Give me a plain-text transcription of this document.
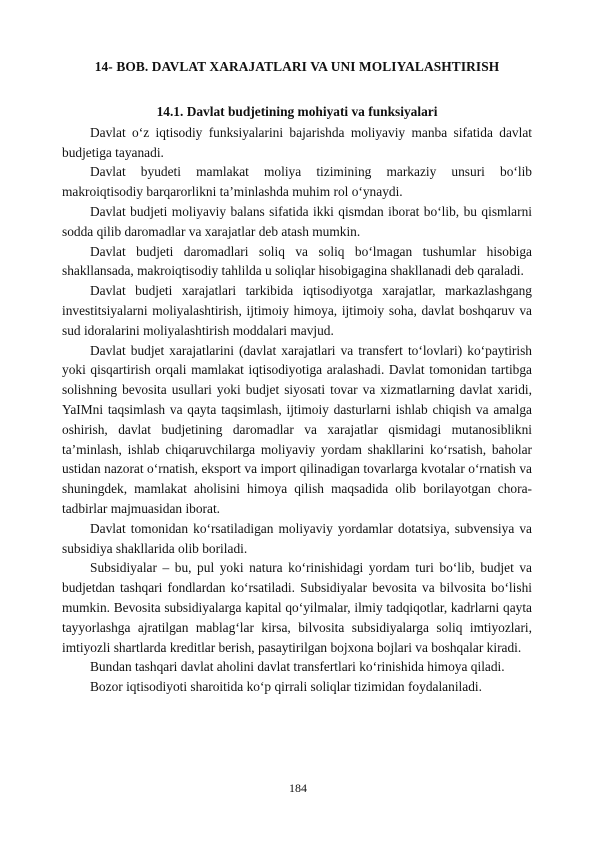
14- BOB. DAVLAT XARAJATLARI VA UNI MOLIYALASHTIRISH
14.1. Davlat budjetining mohiyati va funksiyalari

Davlat o‘z iqtisodiy funksiyalarini bajarishda moliyaviy manba sifatida davlat budjetiga tayanadi.

Davlat byudeti mamlakat moliya tizimining markaziy unsuri bo‘lib makroiqtisodiy barqarorlikni ta’minlashda muhim rol o‘ynaydi.

Davlat budjeti moliyaviy balans sifatida ikki qismdan iborat bo‘lib, bu qismlarni sodda qilib daromadlar va xarajatlar deb atash mumkin.

Davlat budjeti daromadlari soliq va soliq bo‘lmagan tushumlar hisobiga shakllansada, makroiqtisodiy tahlilda u soliqlar hisobigagina shakllanadi deb qaraladi.

Davlat budjeti xarajatlari tarkibida iqtisodiyotga xarajatlar, markazlashgang investitsiyalarni moliyalashtirish, ijtimoiy himoya, ijtimoiy soha, davlat boshqaruv va sud idoralarini moliyalashtirish moddalari mavjud.

Davlat budjet xarajatlarini (davlat xarajatlari va transfert to‘lovlari) ko‘paytirish yoki qisqartirish orqali mamlakat iqtisodiyotiga aralashadi. Davlat tomonidan tartibga solishning bevosita usullari yoki budjet siyosati tovar va xizmatlarning davlat xaridi, YaIMni taqsimlash va qayta taqsimlash, ijtimoiy dasturlarni ishlab chiqish va amalga oshirish, davlat budjetining daromadlar va xarajatlar qismidagi mutanosiblikni ta’minlash, ishlab chiqaruvchilarga moliyaviy yordam shakllarini ko‘rsatish, baholar ustidan nazorat o‘rnatish, eksport va import qilinadigan tovarlarga kvotalar o‘rnatish va shuningdek, mamlakat aholisini himoya qilish maqsadida olib borilayotgan chora-tadbirlar majmuasidan iborat.

Davlat tomonidan ko‘rsatiladigan moliyaviy yordamlar dotatsiya, subvensiya va subsidiya shakllarida olib boriladi.

Subsidiyalar – bu, pul yoki natura ko‘rinishidagi yordam turi bo‘lib, budjet va budjetdan tashqari fondlardan ko‘rsatiladi. Subsidiyalar bevosita va bilvosita bo‘lishi mumkin. Bevosita subsidiyalarga kapital qo‘yilmalar, ilmiy tadqiqotlar, kadrlarni qayta tayyorlashga ajratilgan mablag‘lar kirsa, bilvosita subsidiyalarga soliq imtiyozlari, imtiyozli shartlarda kreditlar berish, pasaytirilgan bojxona bojlari va boshqalar kiradi.

Bundan tashqari davlat aholini davlat transfertlari ko‘rinishida himoya qiladi.

Bozor iqtisodiyoti sharoitida ko‘p qirrali soliqlar tizimidan foydalaniladi.

184
